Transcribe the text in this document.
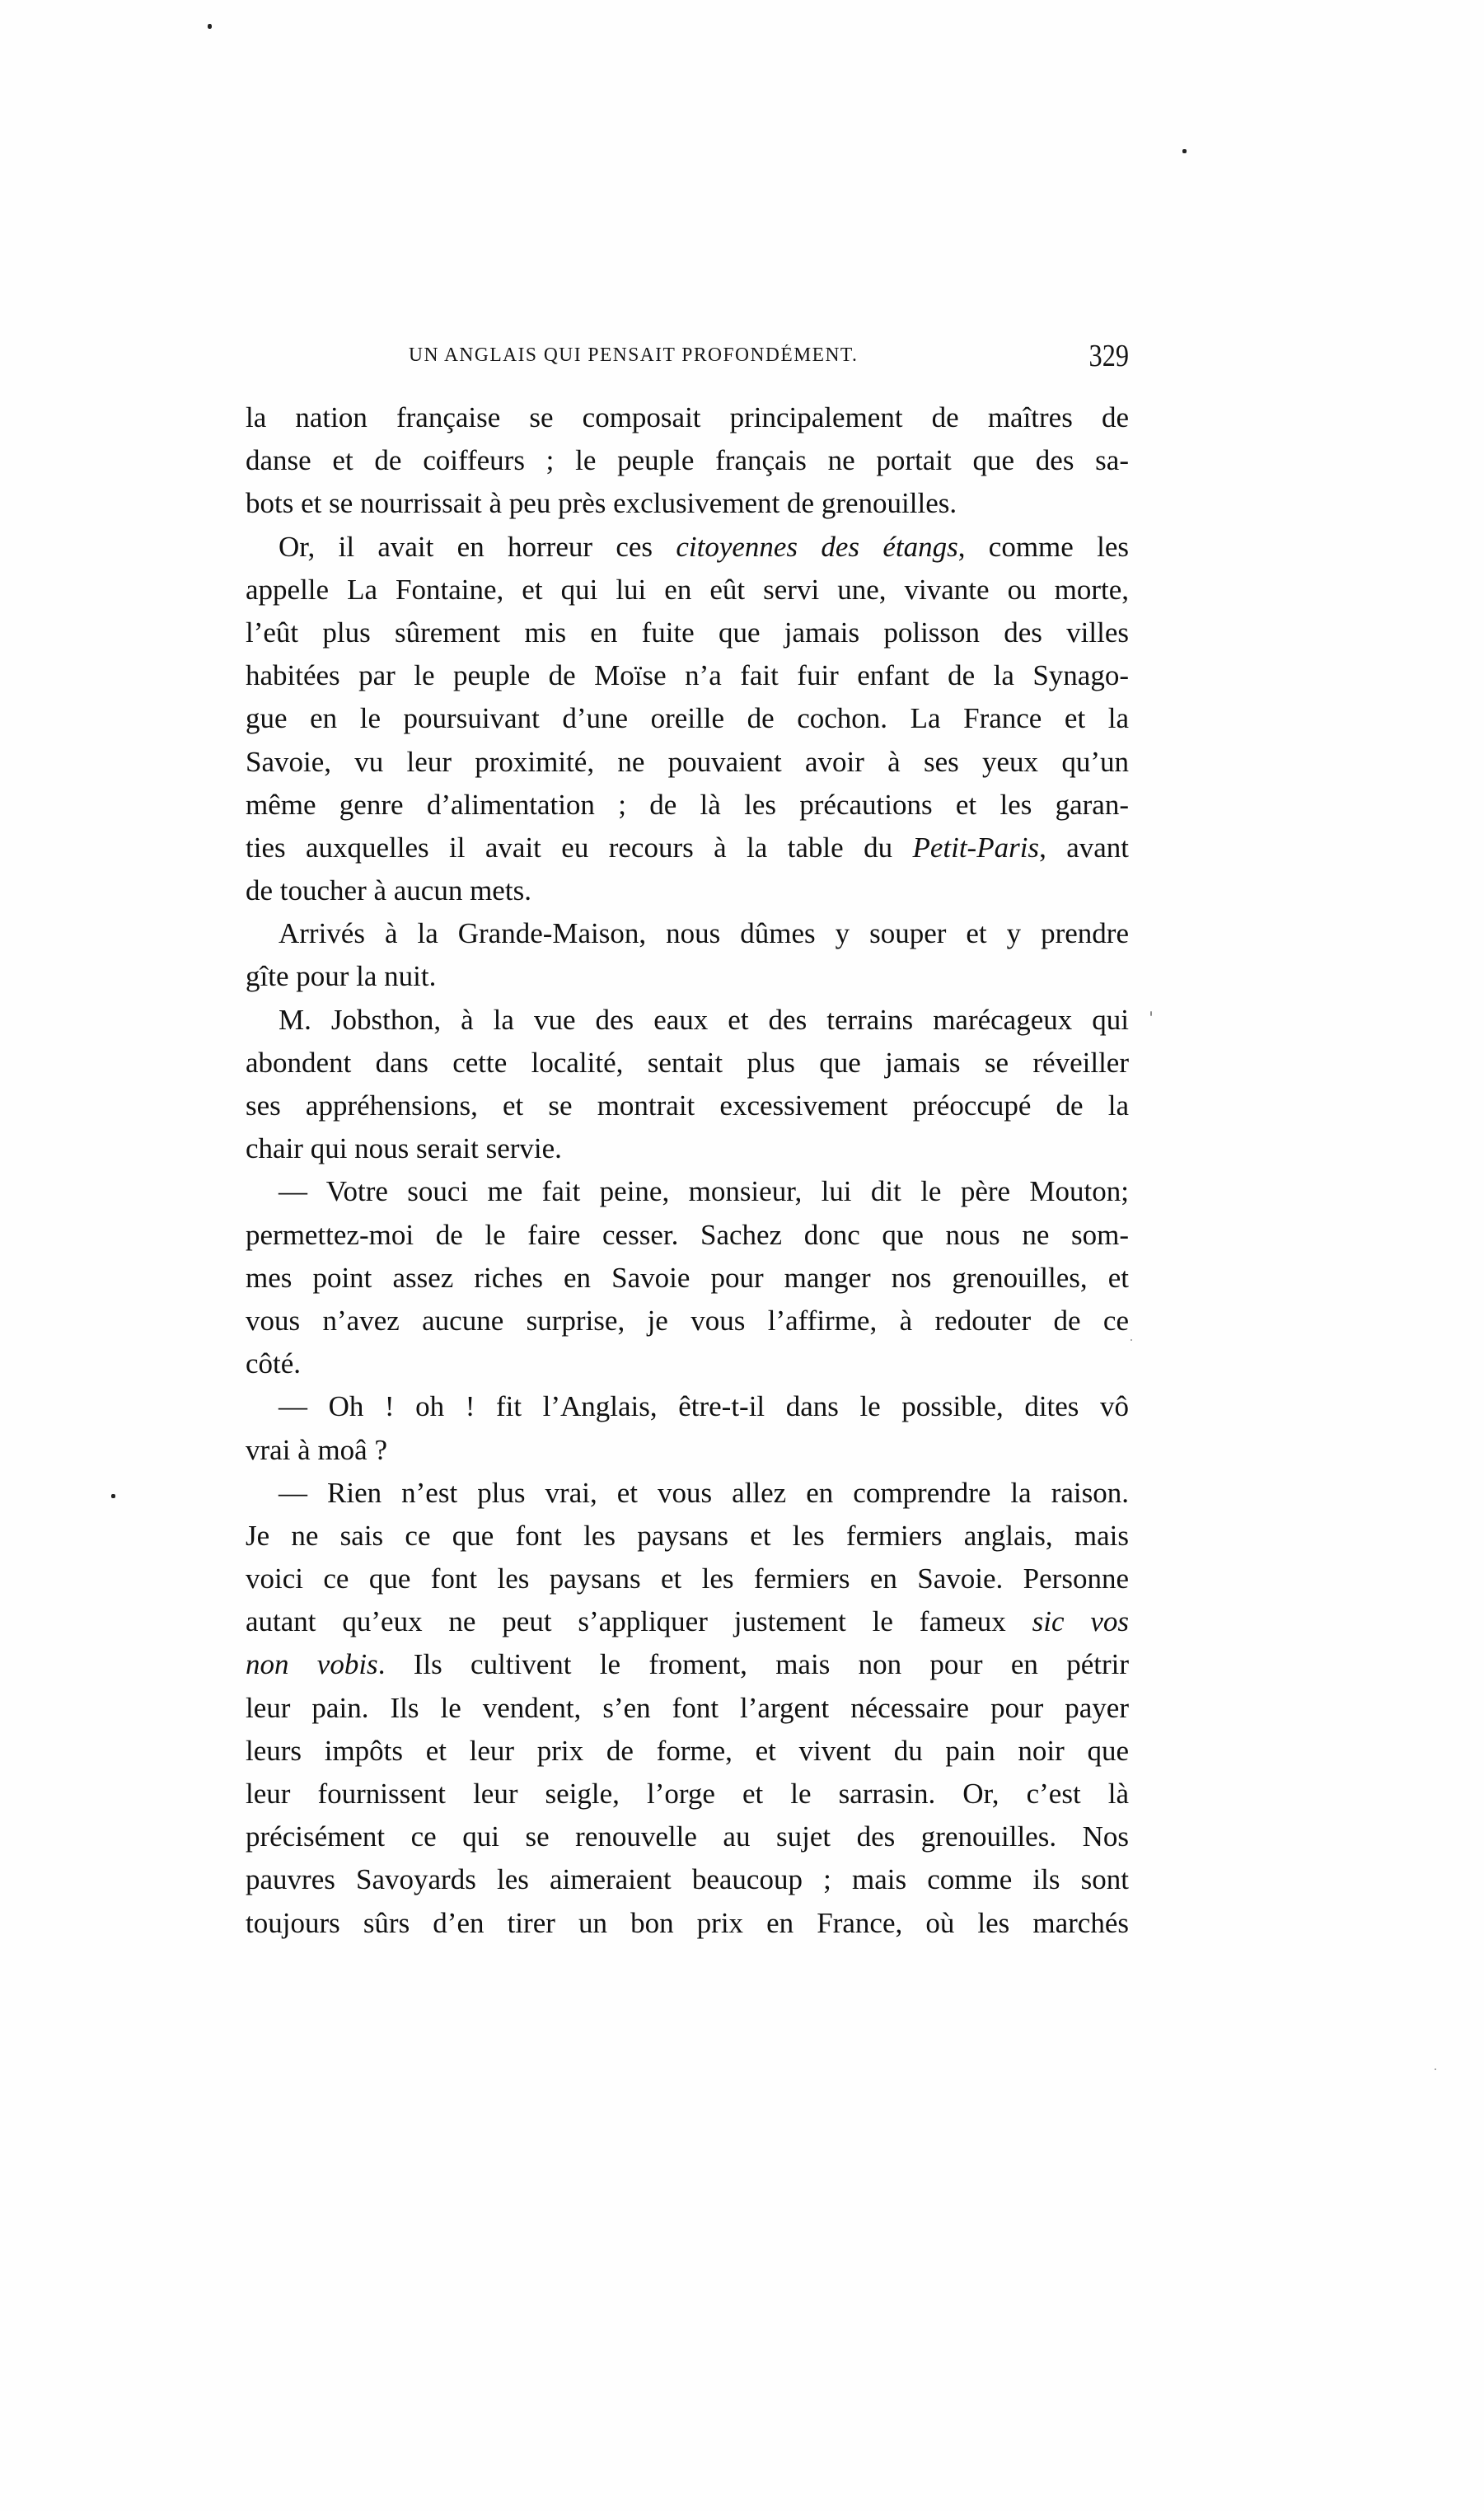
UN ANGLAIS QUI PENSAIT PROFONDÉMENT.	329
la nation française se composait principalement de maîtres de
danse et de coiffeurs ; le peuple français ne portait que des sa-
bots et se nourrissait à peu près exclusivement de grenouilles.
Or, il avait en horreur ces citoyennes des étangs, comme les
appelle La Fontaine, et qui lui en eût servi une, vivante ou morte,
l’eût plus sûrement mis en fuite que jamais polisson des villes
habitées par le peuple de Moïse n’a fait fuir enfant de la Synago-
gue en le poursuivant d’une oreille de cochon. La France et la
Savoie, vu leur proximité, ne pouvaient avoir à ses yeux qu’un
même genre d’alimentation ; de là les précautions et les garan-
ties auxquelles il avait eu recours à la table du Petit-Paris, avant
de toucher à aucun mets.
Arrivés à la Grande-Maison, nous dûmes y souper et y prendre
gîte pour la nuit.
M. Jobsthon, à la vue des eaux et des terrains marécageux qui
abondent dans cette localité, sentait plus que jamais se réveiller
ses appréhensions, et se montrait excessivement préoccupé de la
chair qui nous serait servie.
— Votre souci me fait peine, monsieur, lui dit le père Mouton;
permettez-moi de le faire cesser. Sachez donc que nous ne som-
mes point assez riches en Savoie pour manger nos grenouilles, et
vous n’avez aucune surprise, je vous l’affirme, à redouter de ce
côté.
— Oh ! oh ! fit l’Anglais, être-t-il dans le possible, dites vô
vrai à moâ ?
— Rien n’est plus vrai, et vous allez en comprendre la raison.
Je ne sais ce que font les paysans et les fermiers anglais, mais
voici ce que font les paysans et les fermiers en Savoie. Personne
autant qu’eux ne peut s’appliquer justement le fameux sic vos
non vobis. Ils cultivent le froment, mais non pour en pétrir
leur pain. Ils le vendent, s’en font l’argent nécessaire pour payer
leurs impôts et leur prix de forme, et vivent du pain noir que
leur fournissent leur seigle, l’orge et le sarrasin. Or, c’est là
précisément ce qui se renouvelle au sujet des grenouilles. Nos
pauvres Savoyards les aimeraient beaucoup ; mais comme ils sont
toujours sûrs d’en tirer un bon prix en France, où les marchés
